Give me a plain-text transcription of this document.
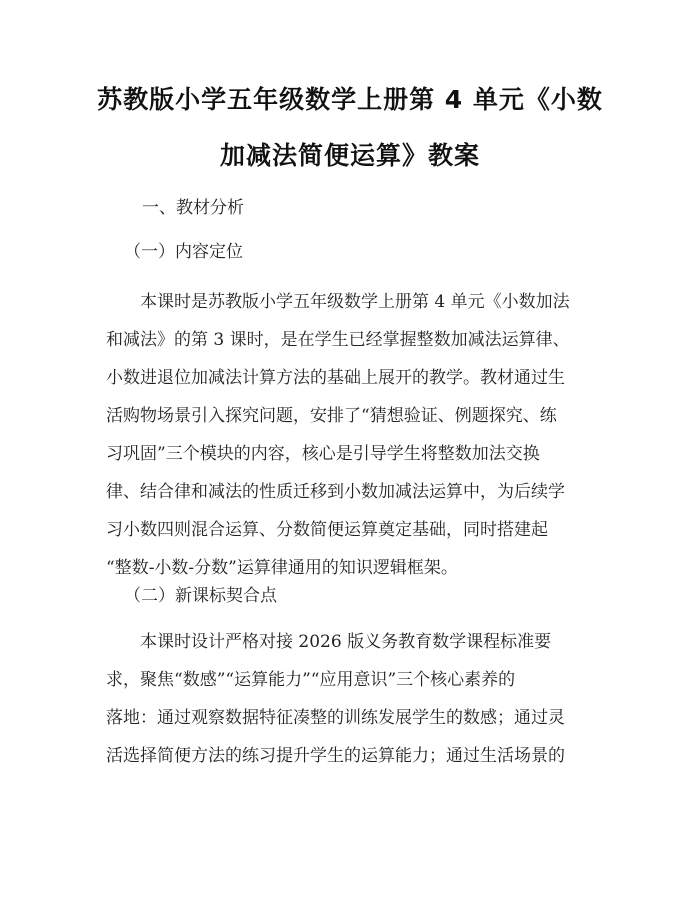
苏教版小学五年级数学上册第 4 单元《小数
加减法简便运算》教案
一、教材分析
（一）内容定位

本课时是苏教版小学五年级数学上册第 4 单元《小数加法
和减法》的第 3 课时，是在学生已经掌握整数加减法运算律、
小数进退位加减法计算方法的基础上展开的教学。教材通过生
活购物场景引入探究问题，安排了“猜想验证、例题探究、练
习巩固”三个模块的内容，核心是引导学生将整数加法交换
律、结合律和减法的性质迁移到小数加减法运算中，为后续学
习小数四则混合运算、分数简便运算奠定基础，同时搭建起
“整数-小数-分数”运算律通用的知识逻辑框架。

（二）新课标契合点

本课时设计严格对接 2026 版义务教育数学课程标准要
求，聚焦“数感”“运算能力”“应用意识”三个核心素养的
落地：通过观察数据特征凑整的训练发展学生的数感；通过灵
活选择简便方法的练习提升学生的运算能力；通过生活场景的
